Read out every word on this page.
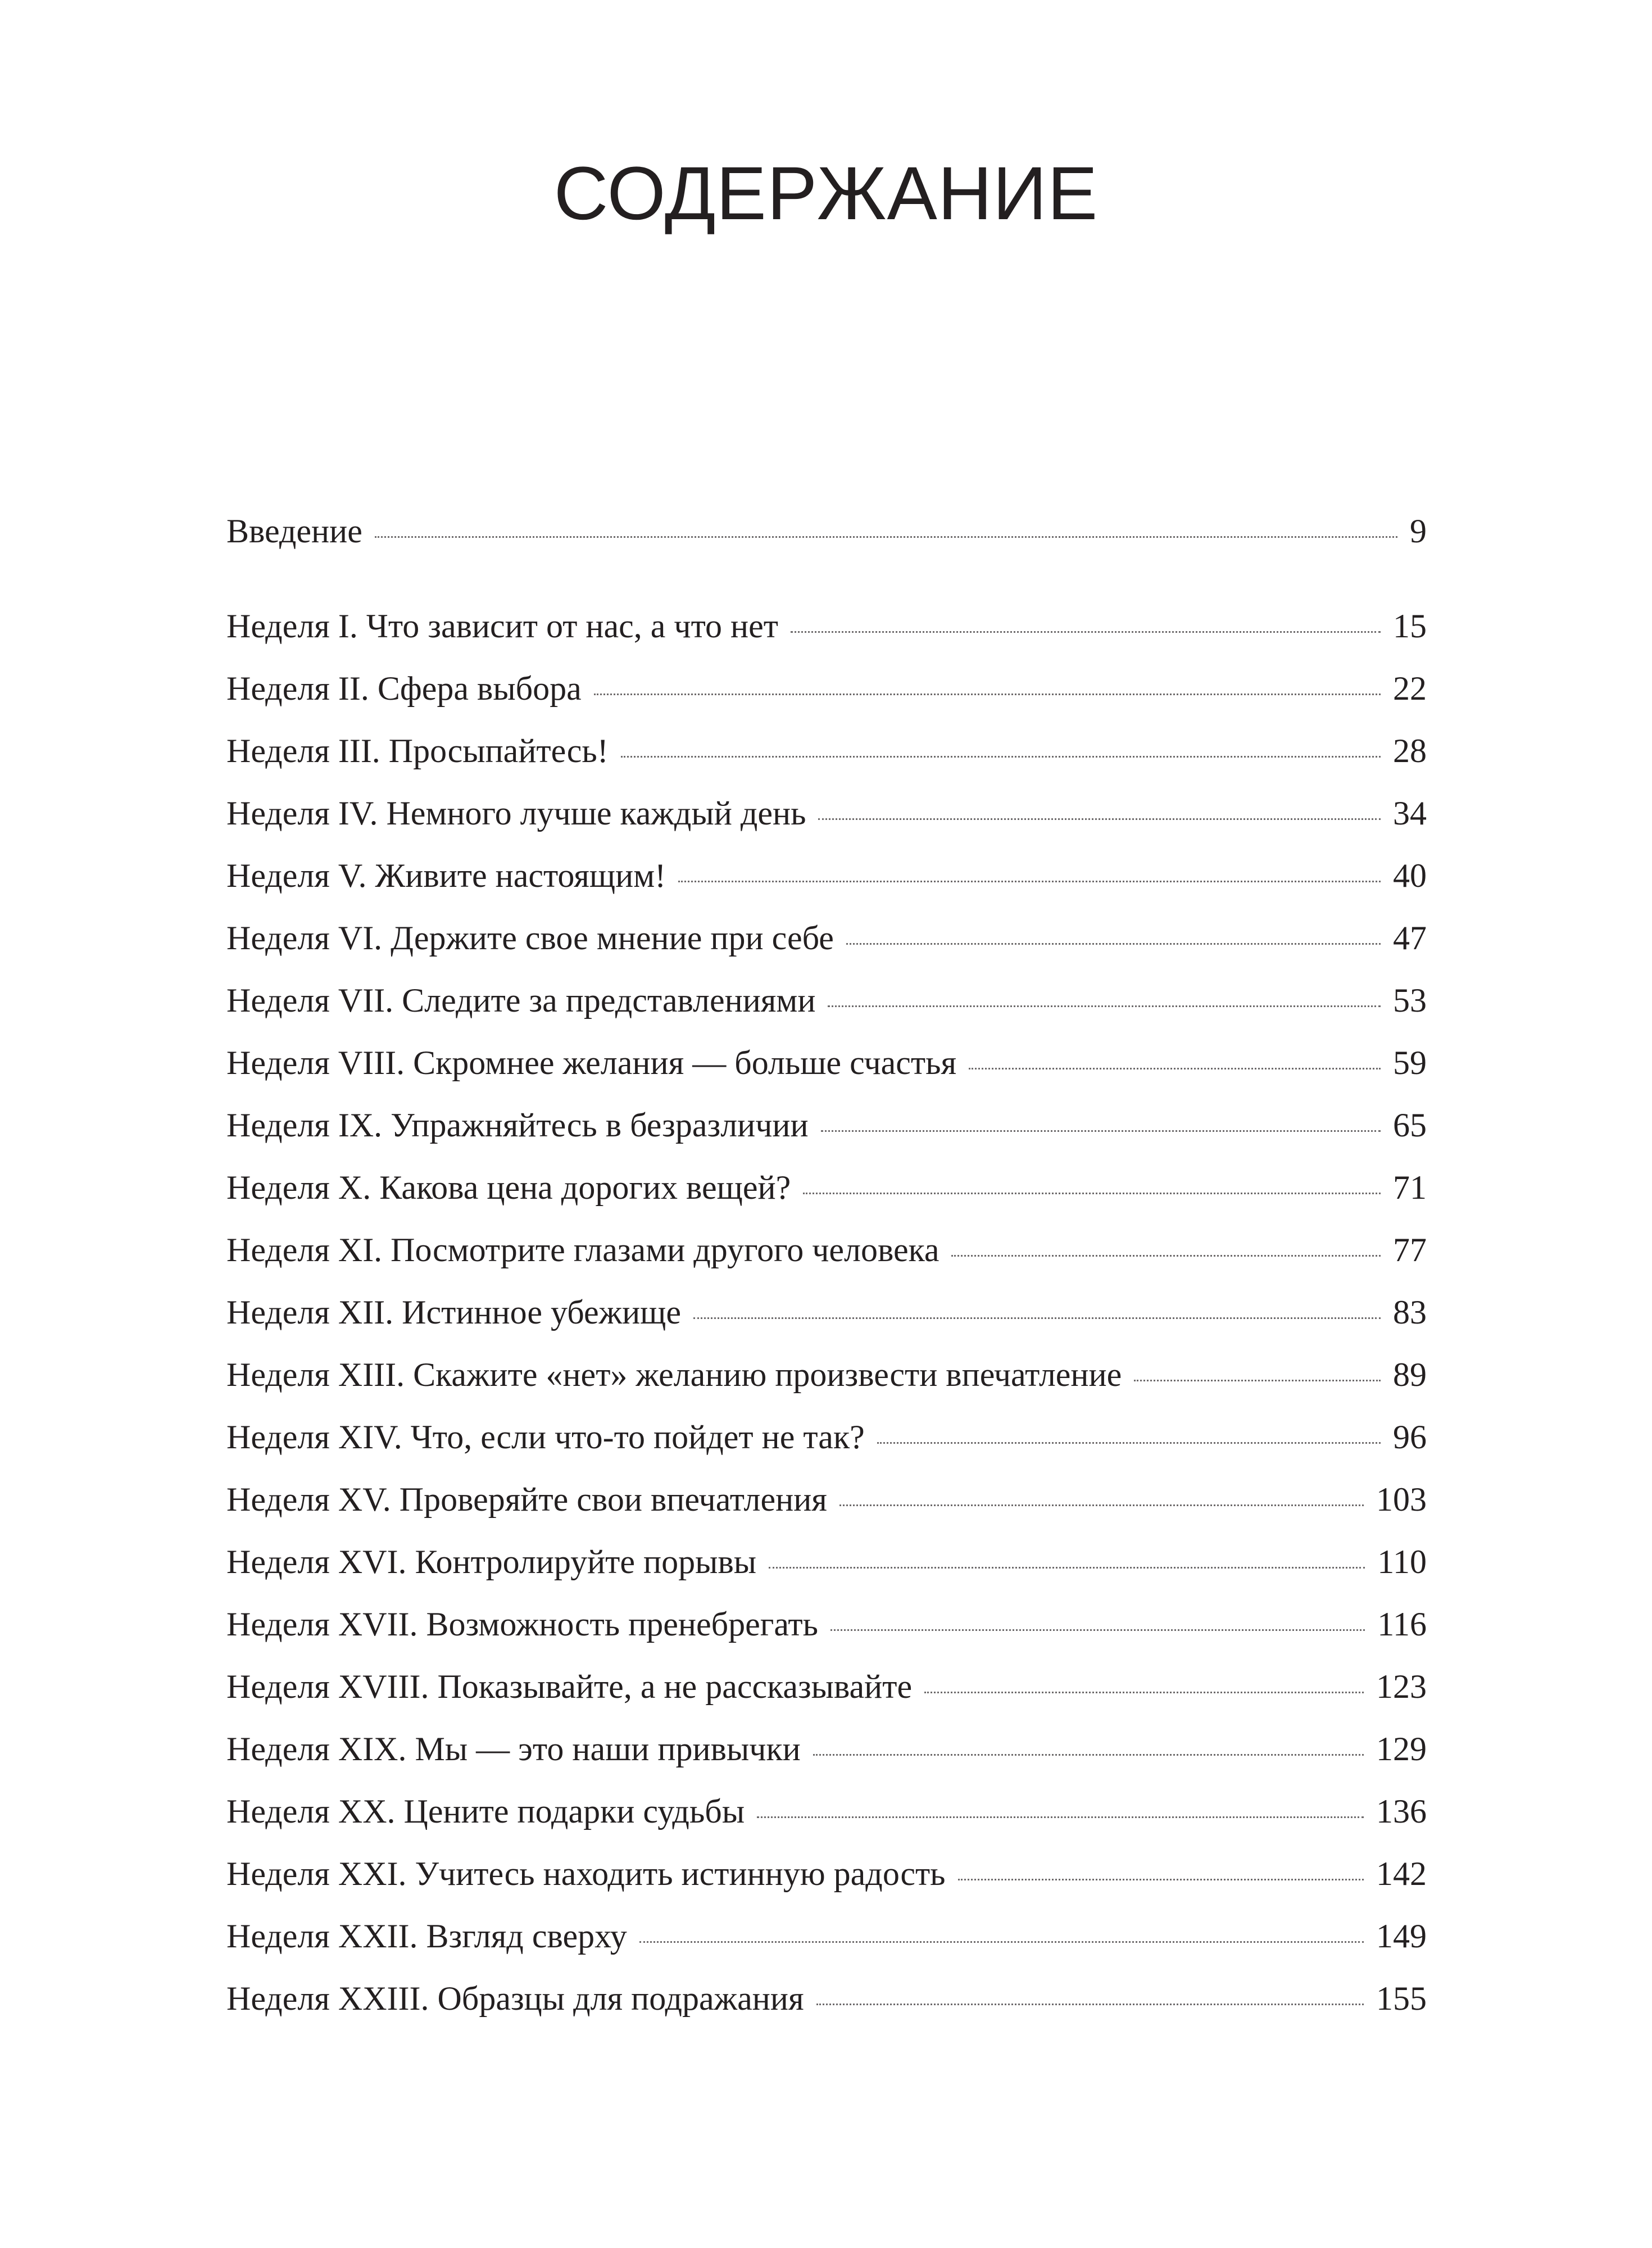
СОДЕРЖАНИЕ
Введение	9
Неделя I. Что зависит от нас, а что нет	15
Неделя II. Сфера выбора	22
Неделя III. Просыпайтесь!	28
Неделя IV. Немного лучше каждый день	34
Неделя V. Живите настоящим!	40
Неделя VI. Держите свое мнение при себе	47
Неделя VII. Следите за представлениями	53
Неделя VIII. Скромнее желания — больше счастья	59
Неделя IX. Упражняйтесь в безразличии	65
Неделя X. Какова цена дорогих вещей?	71
Неделя XI. Посмотрите глазами другого человека	77
Неделя XII. Истинное убежище	83
Неделя XIII. Скажите «нет» желанию произвести впечатление	89
Неделя XIV. Что, если что-то пойдет не так?	96
Неделя XV. Проверяйте свои впечатления	103
Неделя XVI. Контролируйте порывы	110
Неделя XVII. Возможность пренебрегать	116
Неделя XVIII. Показывайте, а не рассказывайте	123
Неделя XIX. Мы — это наши привычки	129
Неделя XX. Цените подарки судьбы	136
Неделя XXI. Учитесь находить истинную радость	142
Неделя XXII. Взгляд сверху	149
Неделя XXIII. Образцы для подражания	155
